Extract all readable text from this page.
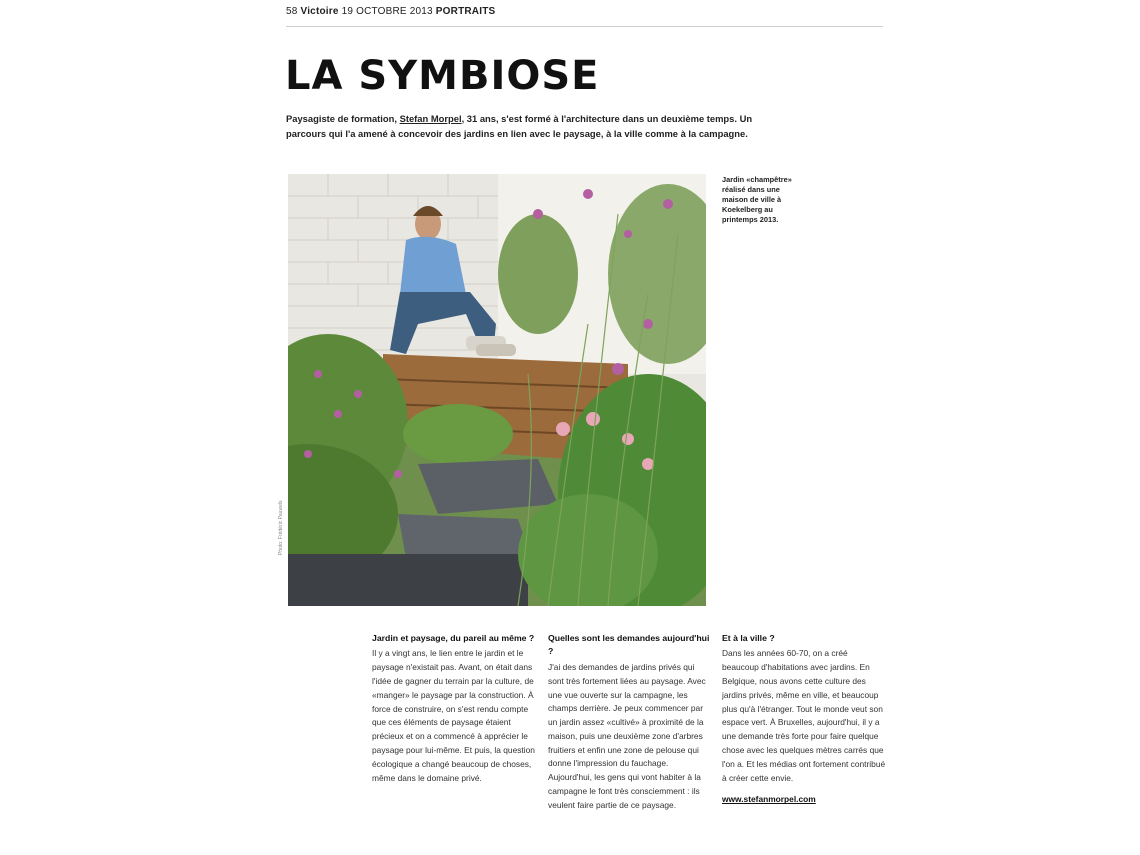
58 Victoire 19 OCTOBRE 2013 PORTRAITS
LA SYMBIOSE
Paysagiste de formation, Stefan Morpel, 31 ans, s'est formé à l'architecture dans un deuxième temps. Un parcours qui l'a amené à concevoir des jardins en lien avec le paysage, à la ville comme à la campagne.
Photo: Frédéric Pauwels
Jardin «champêtre» réalisé dans une maison de ville à Koekelberg au printemps 2013.
Jardin et paysage, du pareil au même ?

Il y a vingt ans, le lien entre le jardin et le paysage n'existait pas. Avant, on était dans l'idée de gagner du terrain par la culture, de «manger» le paysage par la construction. À force de construire, on s'est rendu compte que ces éléments de paysage étaient précieux et on a commencé à apprécier le paysage pour lui-même. Et puis, la question écologique a changé beaucoup de choses, même dans le domaine privé.

Quelles sont les demandes aujourd'hui ?

J'ai des demandes de jardins privés qui sont très fortement liées au paysage. Avec une vue ouverte sur la campagne, les champs derrière. Je peux commencer par un jardin assez «cultivé» à proximité de la maison, puis une deuxième zone d'arbres fruitiers et enfin une zone de pelouse qui donne l'impression du fauchage. Aujourd'hui, les gens qui vont habiter à la campagne le font très consciemment : ils veulent faire partie de ce paysage.

Et à la ville ?

Dans les années 60-70, on a créé beaucoup d'habitations avec jardins. En Belgique, nous avons cette culture des jardins privés, même en ville, et beaucoup plus qu'à l'étranger. Tout le monde veut son espace vert. À Bruxelles, aujourd'hui, il y a une demande très forte pour faire quelque chose avec les quelques mètres carrés que l'on a. Et les médias ont fortement contribué à créer cette envie.

www.stefanmorpel.com
